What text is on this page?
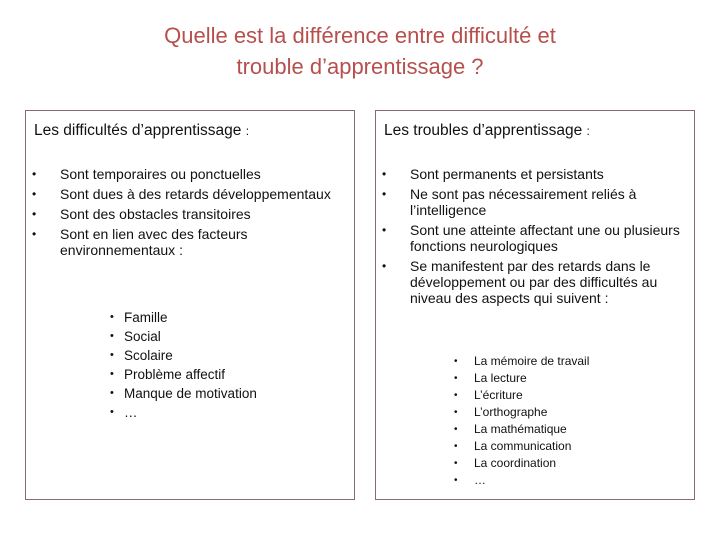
Quelle est la différence entre difficulté et
trouble d’apprentissage ?
Les difficultés d’apprentissage :
• Sont temporaires ou ponctuelles
• Sont dues à des retards développementaux
• Sont des obstacles transitoires
• Sont en lien avec des facteurs environnementaux :
• Famille
• Social
• Scolaire
• Problème affectif
• Manque de motivation
• …
Les troubles d’apprentissage :
• Sont permanents et persistants
• Ne sont pas nécessairement reliés à l’intelligence
• Sont une atteinte affectant une ou plusieurs fonctions neurologiques
• Se manifestent par des retards dans le développement ou par des difficultés au niveau des aspects qui suivent :
• La mémoire de travail
• La lecture
• L’écriture
• L’orthographe
• La mathématique
• La communication
• La coordination
• …
